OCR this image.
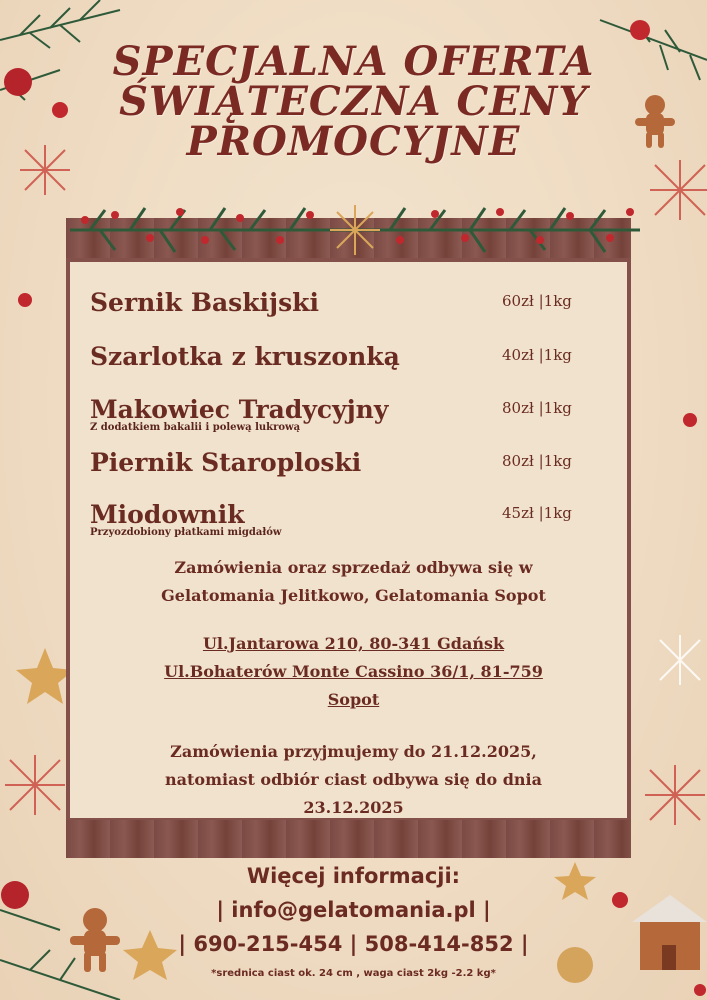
SPECJALNA OFERTA
ŚWIĄTECZNA CENY
PROMOCYJNE
Sernik Baskijski	60zł |1kg
Szarlotka z kruszonką	40zł |1kg
Makowiec Tradycyjny	80zł |1kg
Z dodatkiem bakalii i polewą lukrową
Piernik Staroploski	80zł |1kg
Miodownik	45zł |1kg
Przyozdobiony płatkami migdałów
Zamówienia oraz sprzedaż odbywa się w
Gelatomania Jelitkowo, Gelatomania Sopot
Ul.Jantarowa 210, 80-341 Gdańsk
Ul.Bohaterów Monte Cassino 36/1, 81-759
Sopot
Zamówienia przyjmujemy do 21.12.2025,
natomiast odbiór ciast odbywa się do dnia
23.12.2025
Więcej informacji:
| info@gelatomania.pl |
| 690-215-454 | 508-414-852 |
*srednica ciast ok. 24 cm , waga ciast 2kg -2.2 kg*
